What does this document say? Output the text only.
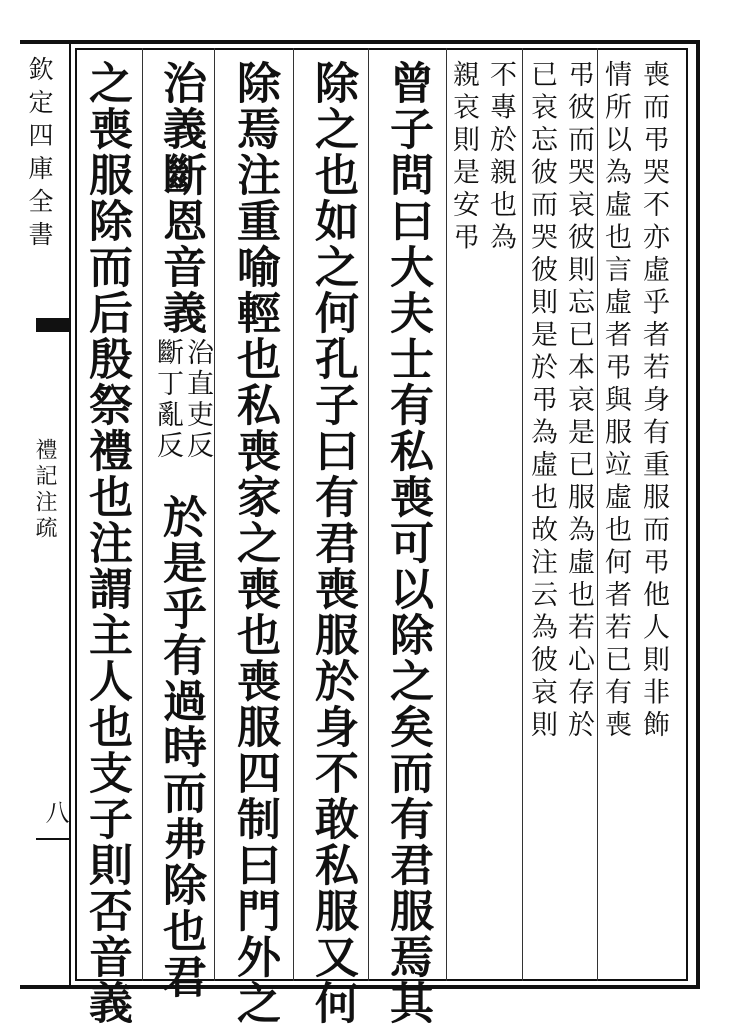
欽定四庫全書
禮記注疏
八
喪而弔哭不亦虛乎者若身有重服而弔他人則非飾
情所以為虛也言虛者弔與服竝虛也何者若已有喪
弔彼而哭哀彼則忘已本哀是已服為虛也若心存於
已哀忘彼而哭彼則是於弔為虛也故注云為彼哀則
不專於親也為
親哀則是安弔
曾子問曰大夫士有私喪可以除之矣而有君服焉其
除之也如之何孔子曰有君喪服於身不敢私服又何
除焉注重喻輕也私喪家之喪也喪服四制曰門外之
治義斷恩音義
治直吏反
斷丁亂反
於是乎有過時而弗除也君
之喪服除而后殷祭禮也注謂主人也支子則否音義
